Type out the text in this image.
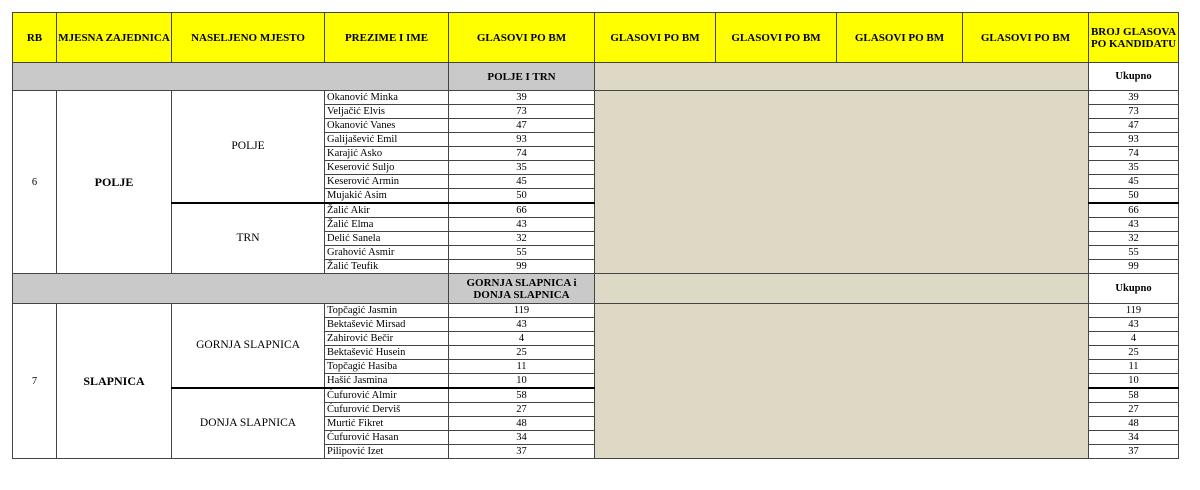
RB	MJESNA ZAJEDNICA	NASELJENO MJESTO	PREZIME I IME	GLASOVI PO BM	GLASOVI PO BM	GLASOVI PO BM	GLASOVI PO BM	GLASOVI PO BM	BROJ GLASOVA PO KANDIDATU
				POLJE I TRN					Ukupno
6	POLJE	POLJE	Okanović Minka	39					39
			Veljačić Elvis	73					73
			Okanović Vanes	47					47
			Galijašević Emil	93					93
			Karajić Asko	74					74
			Keserović Suljo	35					35
			Keserović Armin	45					45
			Mujakić Asim	50					50
		TRN	Žalić Akir	66					66
			Žalić Elma	43					43
			Delić Sanela	32					32
			Grahović Asmir	55					55
			Žalić Teufik	99					99
				GORNJA SLAPNICA i DONJA SLAPNICA					Ukupno
7	SLAPNICA	GORNJA SLAPNICA	Topčagić Jasmin	119					119
			Bektašević Mirsad	43					43
			Zahirović Bečir	4					4
			Bektašević Husein	25					25
			Topčagić Hasiba	11					11
			Hašić Jasmina	10					10
		DONJA SLAPNICA	Ćufurović Almir	58					58
			Ćufurović Derviš	27					27
			Murtić Fikret	48					48
			Ćufurović Hasan	34					34
			Pilipović Izet	37					37
